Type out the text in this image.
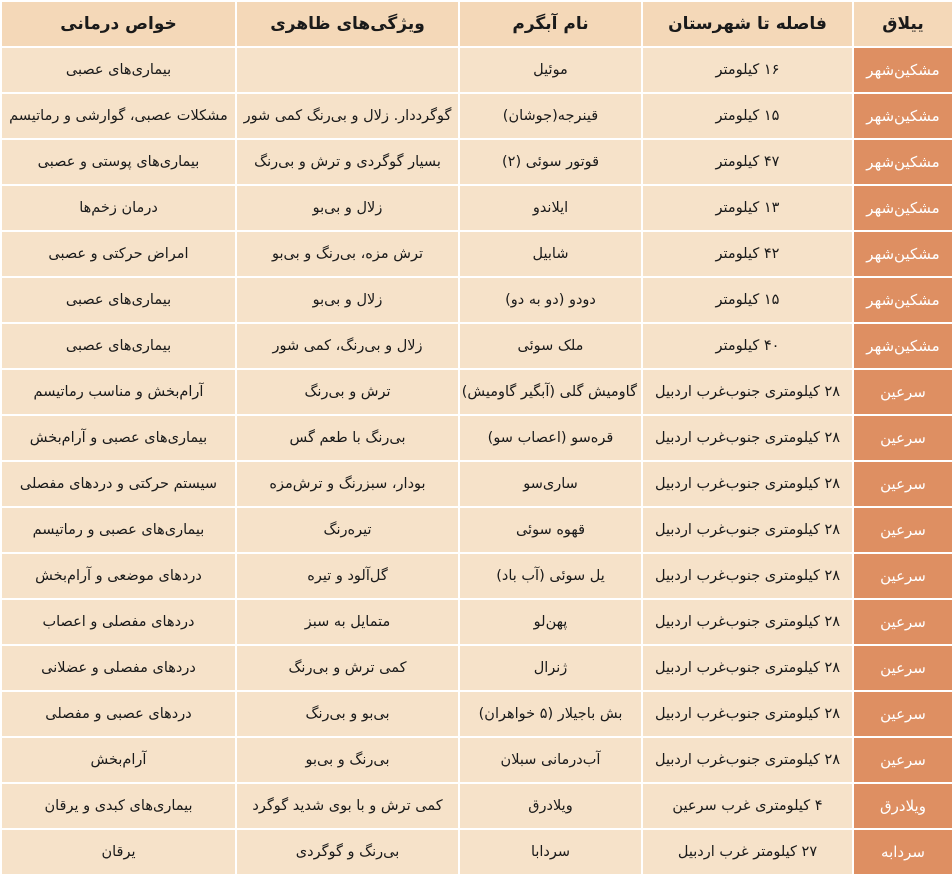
ییلاق	فاصله تا شهرستان	نام آبگرم	ویژگی‌های ظاهری	خواص درمانی
مشکین‌شهر	۱۶ کیلومتر	موئیل		بیماری‌های عصبی
مشکین‌شهر	۱۵ کیلومتر	قینرجه(جوشان)	گوگرددار. زلال و بی‌رنگ کمی شور	مشکلات عصبی، گوارشی و رماتیسم
مشکین‌شهر	۴۷ کیلومتر	قوتور سوئی (۲)	بسیار گوگردی و ترش و بی‌رنگ	بیماری‌های پوستی و عصبی
مشکین‌شهر	۱۳ کیلومتر	ایلاندو	زلال و بی‌بو	درمان زخم‌ها
مشکین‌شهر	۴۲ کیلومتر	شابیل	ترش مزه، بی‌رنگ و بی‌بو	امراض حرکتی و عصبی
مشکین‌شهر	۱۵ کیلومتر	دودو (دو به دو)	زلال و بی‌بو	بیماری‌های عصبی
مشکین‌شهر	۴۰ کیلومتر	ملک سوئی	زلال و بی‌رنگ، کمی شور	بیماری‌های عصبی
سرعین	۲۸ کیلومتری جنوب‌غرب اردبیل	گاومیش گلی (آبگیر گاومیش)	ترش و بی‌رنگ	آرام‌بخش و مناسب رماتیسم
سرعین	۲۸ کیلومتری جنوب‌غرب اردبیل	قره‌سو (اعصاب سو)	بی‌رنگ با طعم گس	بیماری‌های عصبی و آرام‌بخش
سرعین	۲۸ کیلومتری جنوب‌غرب اردبیل	ساری‌سو	بودار، سبزرنگ و ترش‌مزه	سیستم حرکتی و دردهای مفصلی
سرعین	۲۸ کیلومتری جنوب‌غرب اردبیل	قهوه سوئی	تیره‌رنگ	بیماری‌های عصبی و رماتیسم
سرعین	۲۸ کیلومتری جنوب‌غرب اردبیل	یل سوئی (آب باد)	گل‌آلود و تیره	دردهای موضعی و آرام‌بخش
سرعین	۲۸ کیلومتری جنوب‌غرب اردبیل	پهن‌لو	متمایل به سبز	دردهای مفصلی و اعصاب
سرعین	۲۸ کیلومتری جنوب‌غرب اردبیل	ژنرال	کمی ترش و بی‌رنگ	دردهای مفصلی و عضلانی
سرعین	۲۸ کیلومتری جنوب‌غرب اردبیل	بش باجیلار (۵ خواهران)	بی‌بو و بی‌رنگ	دردهای عصبی و مفصلی
سرعین	۲۸ کیلومتری جنوب‌غرب اردبیل	آب‌درمانی سبلان	بی‌رنگ و بی‌بو	آرام‌بخش
ویلادرق	۴ کیلومتری غرب سرعین	ویلادرق	کمی ترش و با بوی شدید گوگرد	بیماری‌های کبدی و یرقان
سردابه	۲۷ کیلومتر غرب اردبیل	سردابا	بی‌رنگ و گوگردی	یرقان
